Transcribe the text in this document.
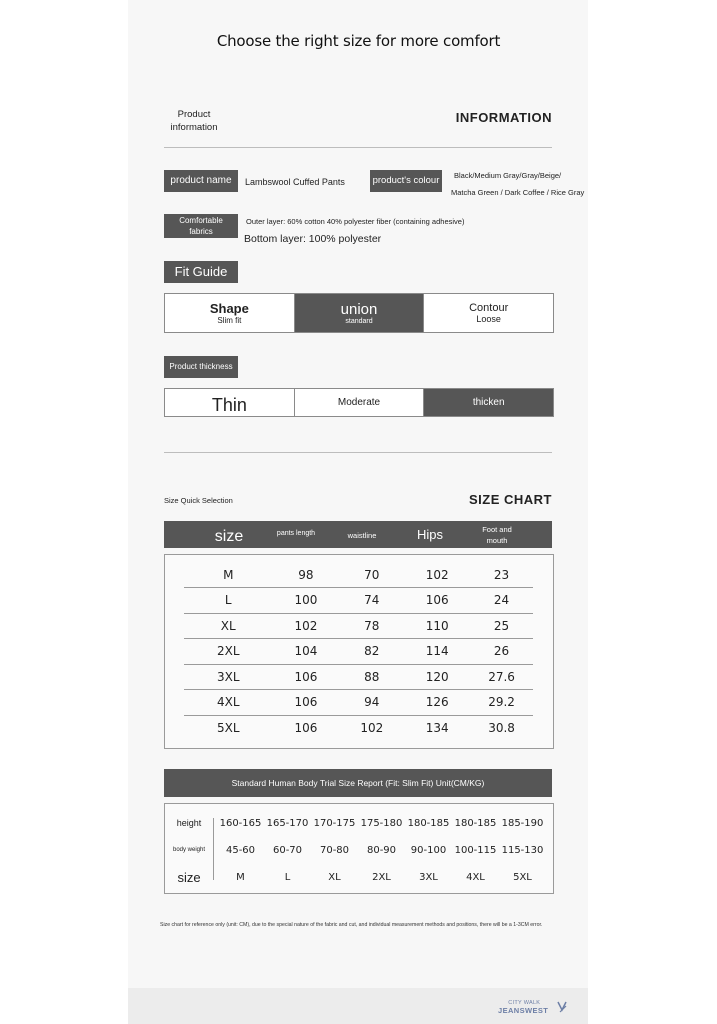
Choose the right size for more comfort
Product
information
INFORMATION
product name	Lambswool Cuffed Pants	product's colour	Black/Medium Gray/Gray/Beige/
Matcha Green / Dark Coffee / Rice Gray
Comfortable
fabrics
Outer layer: 60% cotton 40% polyester fiber (containing adhesive)
Bottom layer: 100% polyester
Fit Guide
Shape
Slim fit
union
standard
Contour
Loose
Product thickness
Thin	Moderate	thicken
Size Quick Selection	SIZE CHART
size	pants length	waistline	Hips	Foot and
mouth
M	98	70	102	23
L	100	74	106	24
XL	102	78	110	25
2XL	104	82	114	26
3XL	106	88	120	27.6
4XL	106	94	126	29.2
5XL	106	102	134	30.8
Standard Human Body Trial Size Report (Fit: Slim Fit) Unit(CM/KG)
height	160-165 165-170 170-175 175-180 180-185 180-185 185-190
body weight	45-60	60-70	70-80	80-90	90-100 100-115 115-130
size	M	L	XL	2XL	3XL	4XL	5XL
Size chart for reference only (unit: CM), due to the special nature of the fabric and cut, and individual measurement methods and positions, there will be a 1-3CM error.
CITY WALK
JEANSWEST
